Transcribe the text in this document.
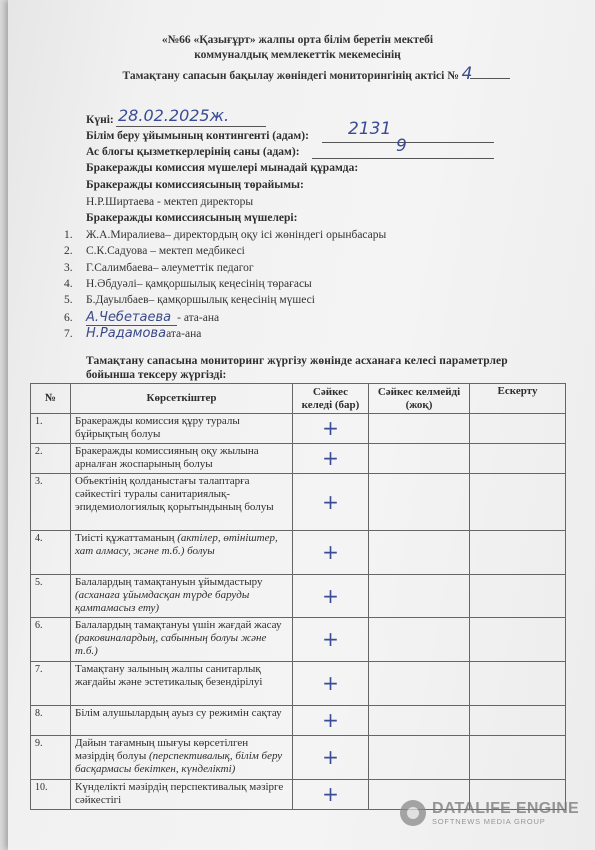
«№66 «Қазығұрт» жалпы орта білім беретін мектебі
коммуналдық мемлекеттік мекемесінің
Тамақтану сапасын бақылау жөніндегі мониторингінің актісі № 4
Күні: 28.02.2025ж.
Білім беру ұйымының контингенті (адам): 2131
Ас блогы қызметкерлерінің саны (адам):	9
Бракеражды комиссия мүшелері мынадай құрамда:
Бракеражды комиссиясының төрайымы:
Н.Р.Ширтаева - мектеп директоры
Бракеражды комиссиясының мүшелері:
1. Ж.А.Миралиева– директордың оқу ісі жөніндегі орынбасары
2. С.К.Садуова – мектеп медбикесі
3. Г.Салимбаева– әлеуметтік педагог
4. Н.Әбдуәлі– қамқоршылық кеңесінің төрағасы
5. Б.Дауылбаев– қамқоршылық кеңесінің мүшесі
6. А.Чебетаева - ата-ана
7. Н.Радамоваата-ана
Тамақтану сапасына мониторинг жүргізу жөнінде асханаға келесі параметрлер
бойынша тексеру жүргізді:
№	Көрсеткіштер	Сәйкес келеді (бар)	Сәйкес келмейді (жоқ)	Ескерту
1.	Бракеражды комиссия құру туралы бұйрықтың болуы	+		
2.	Бракеражды комиссияның оқу жылына арналған жоспарының болуы	+		
3.	Объектінің қолданыстағы талаптарға сәйкестігі туралы санитариялық-эпидемиологиялық қорытындының болуы	+		
4.	Тиісті құжаттаманың (актілер, өтініштер, хат алмасу, және т.б.) болуы	+		
5.	Балалардың тамақтануын ұйымдастыру (асханаға ұйымдасқан түрде баруды қамтамасыз ету)	+		
6.	Балалардың тамақтануы үшін жағдай жасау (раковиналардың, сабынның болуы және т.б.)	+		
7.	Тамақтану залының жалпы санитарлық жағдайы және эстетикалық безендірілуі	+		
8.	Білім алушылардың ауыз су режимін сақтау	+		
9.	Дайын тағамның шығуы көрсетілген мәзірдің болуы (перспективалық, білім беру басқармасы бекіткен, күнделікті)	+		
10.	Күнделікті мәзірдің перспективалық мәзірге сәйкестігі	+		
DATALIFE ENGINE
SOFTNEWS MEDIA GROUP
